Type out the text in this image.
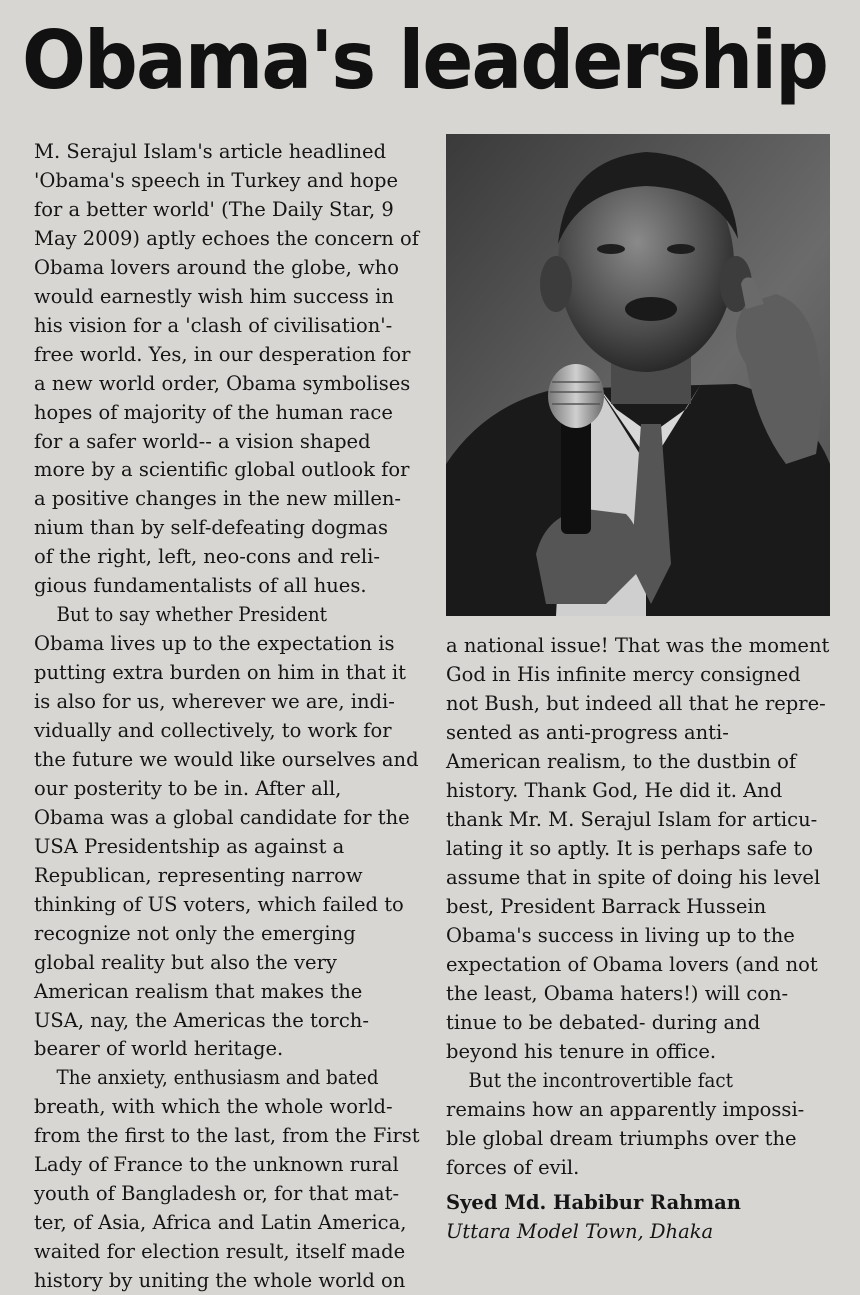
Obama's leadership
M. Serajul Islam's article headlined
'Obama's speech in Turkey and hope
for a better world' (The Daily Star, 9
May 2009) aptly echoes the concern of
Obama lovers around the globe, who
would earnestly wish him success in
his vision for a 'clash of civilisation'-
free world. Yes, in our desperation for
a new world order, Obama symbolises
hopes of majority of the human race
for a safer world-- a vision shaped
more by a scientific global outlook for
a positive changes in the new millen-
nium than by self-defeating dogmas
of the right, left, neo-cons and reli-
gious fundamentalists of all hues.
But to say whether President
Obama lives up to the expectation is
putting extra burden on him in that it
is also for us, wherever we are, indi-
vidually and collectively, to work for
the future we would like ourselves and
our posterity to be in. After all,
Obama was a global candidate for the
USA Presidentship as against a
Republican, representing narrow
thinking of US voters, which failed to
recognize not only the emerging
global reality but also the very
American realism that makes the
USA, nay, the Americas the torch-
bearer of world heritage.
The anxiety, enthusiasm and bated
breath, with which the whole world-
from the first to the last, from the First
Lady of France to the unknown rural
youth of Bangladesh or, for that mat-
ter, of Asia, Africa and Latin America,
waited for election result, itself made
history by uniting the whole world on
a national issue! That was the moment
God in His infinite mercy consigned
not Bush, but indeed all that he repre-
sented as anti-progress anti-
American realism, to the dustbin of
history. Thank God, He did it. And
thank Mr. M. Serajul Islam for articu-
lating it so aptly. It is perhaps safe to
assume that in spite of doing his level
best, President Barrack Hussein
Obama's success in living up to the
expectation of Obama lovers (and not
the least, Obama haters!) will con-
tinue to be debated- during and
beyond his tenure in office.
But the incontrovertible fact
remains how an apparently impossi-
ble global dream triumphs over the
forces of evil.
Syed Md. Habibur Rahman
Uttara Model Town, Dhaka
